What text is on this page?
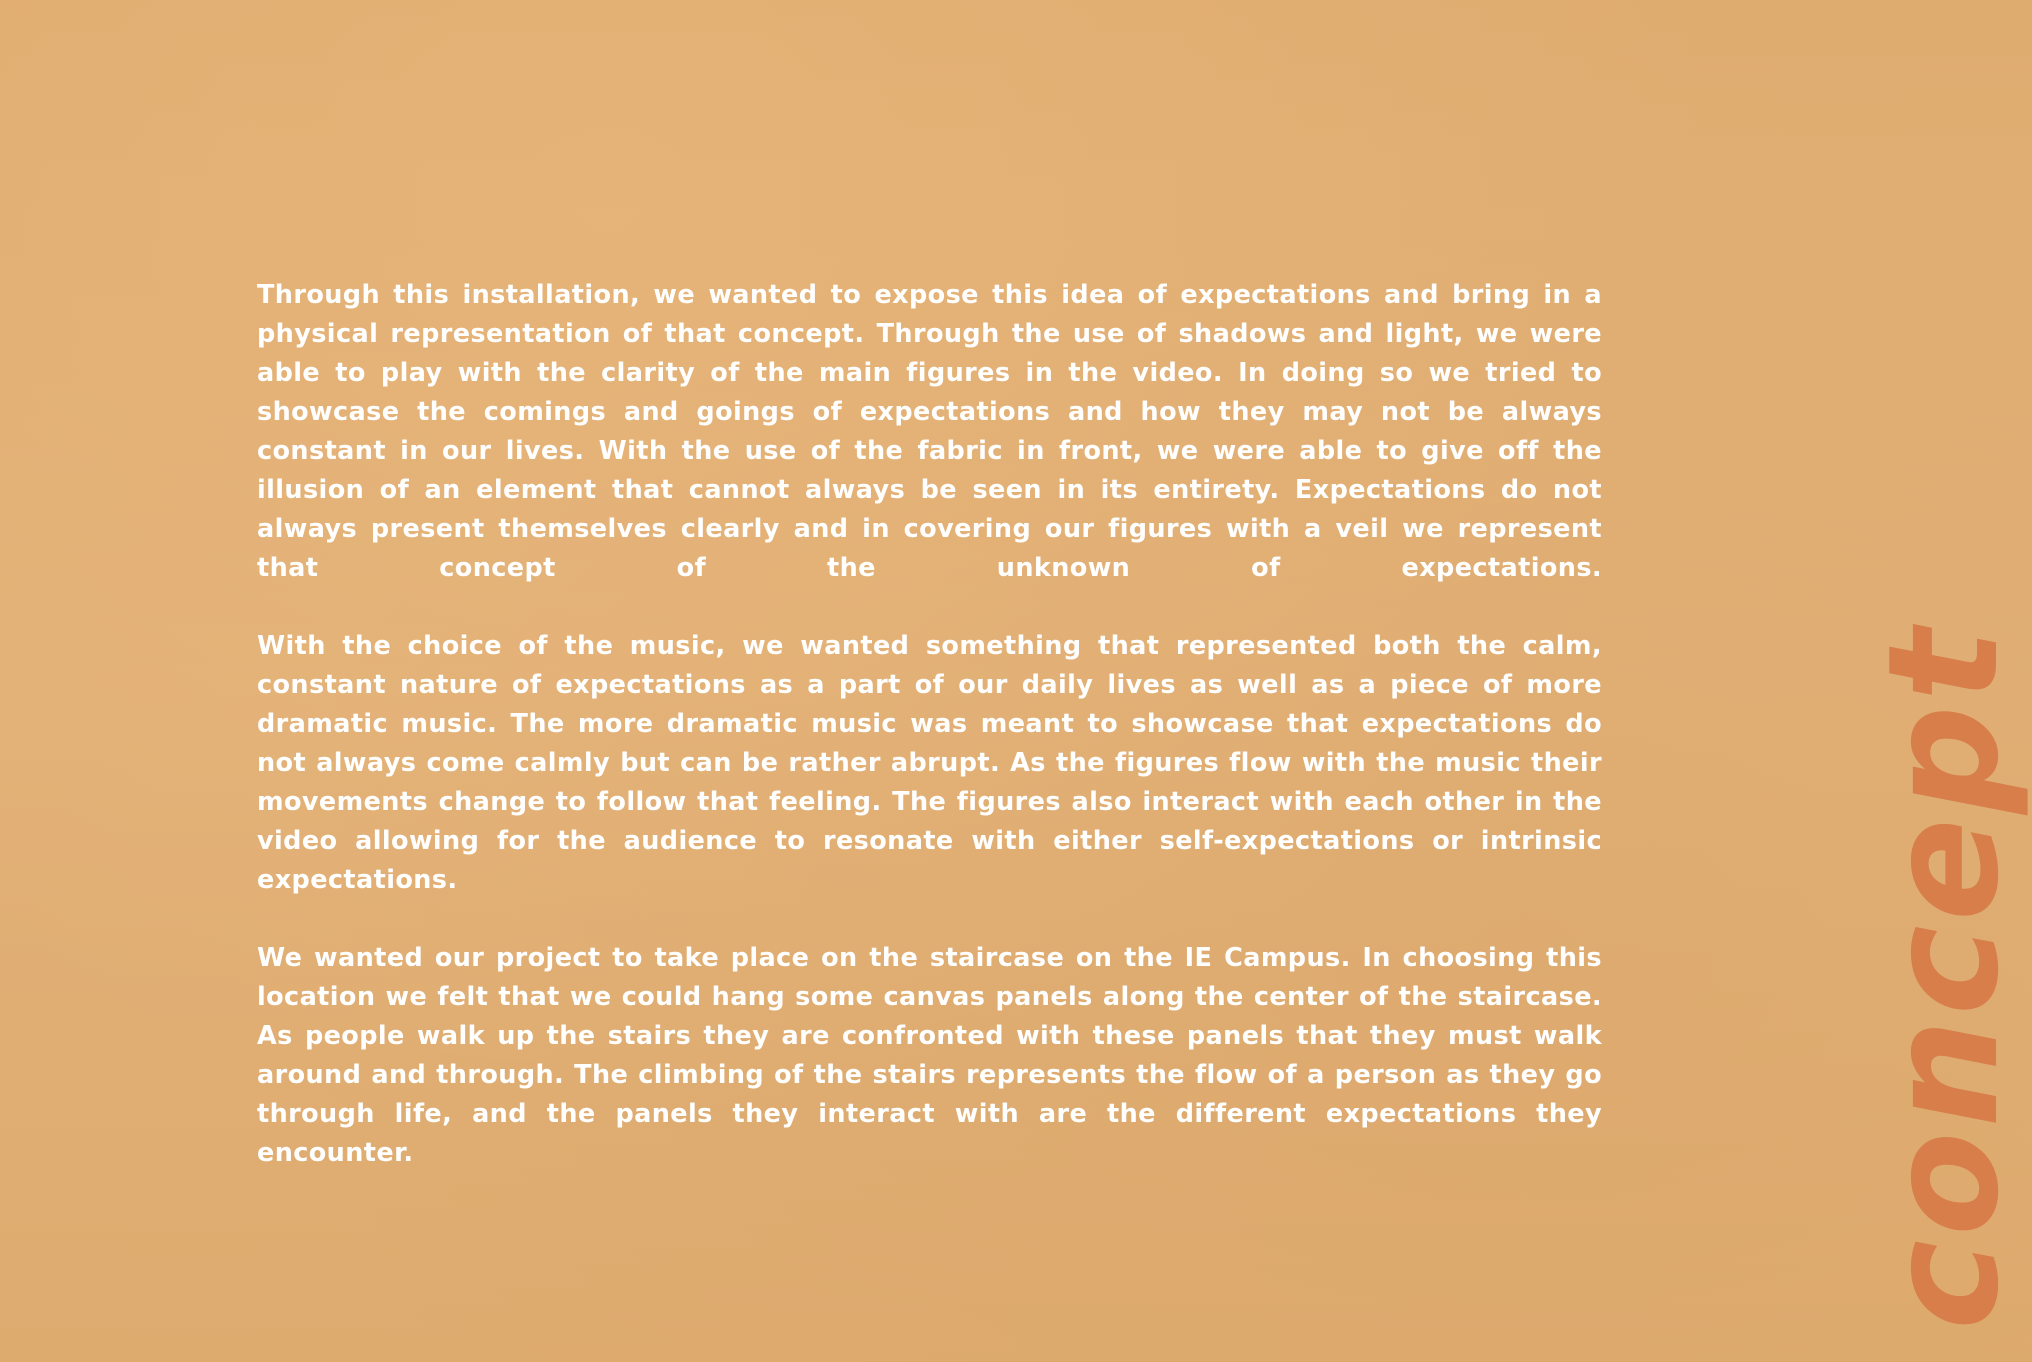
Through this installation, we wanted to expose this idea of expectations and bring in a physical representation of that concept. Through the use of shadows and light, we were able to play with the clarity of the main figures in the video. In doing so we tried to showcase the comings and goings of expectations and how they may not be always constant in our lives. With the use of the fabric in front, we were able to give off the illusion of an element that cannot always be seen in its entirety. Expectations do not always present themselves clearly and in covering our figures with a veil we represent that concept of the unknown of expectations.

With the choice of the music, we wanted something that represented both the calm, constant nature of expectations as a part of our daily lives as well as a piece of more dramatic music. The more dramatic music was meant to showcase that expectations do not always come calmly but can be rather abrupt. As the figures flow with the music their movements change to follow that feeling. The figures also interact with each other in the video allowing for the audience to resonate with either self-expectations or intrinsic expectations.

We wanted our project to take place on the staircase on the IE Campus. In choosing this location we felt that we could hang some canvas panels along the center of the staircase. As people walk up the stairs they are confronted with these panels that they must walk around and through. The climbing of the stairs represents the flow of a person as they go through life, and the panels they interact with are the different expectations they encounter.	concept
